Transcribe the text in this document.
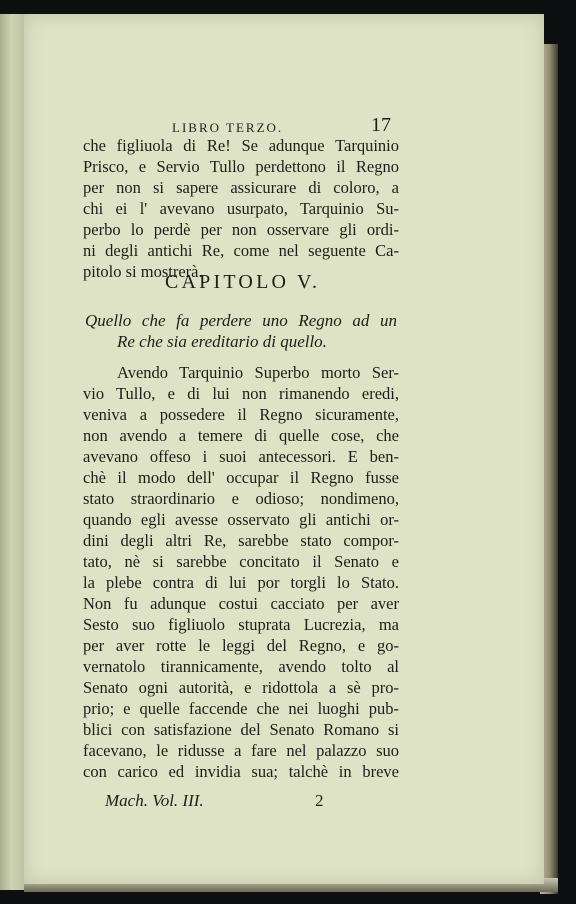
LIBRO TERZO.	17
che figliuola di Re! Se adunque Tarquinio
Prisco, e Servio Tullo perdettono il Regno
per non si sapere assicurare di coloro, a
chi ei l' avevano usurpato, Tarquinio Su-
perbo lo perdè per non osservare gli ordi-
ni degli antichi Re, come nel seguente Ca-
pitolo si mostrerà.
CAPITOLO V.
Quello che fa perdere uno Regno ad un
Re che sia ereditario di quello.
Avendo Tarquinio Superbo morto Ser-
vio Tullo, e di lui non rimanendo eredi,
veniva a possedere il Regno sicuramente,
non avendo a temere di quelle cose, che
avevano offeso i suoi antecessori. E ben-
chè il modo dell' occupar il Regno fusse
stato straordinario e odioso; nondimeno,
quando egli avesse osservato gli antichi or-
dini degli altri Re, sarebbe stato compor-
tato, nè si sarebbe concitato il Senato e
la plebe contra di lui por torgli lo Stato.
Non fu adunque costui cacciato per aver
Sesto suo figliuolo stuprata Lucrezia, ma
per aver rotte le leggi del Regno, e go-
vernatolo tirannicamente, avendo tolto al
Senato ogni autorità, e ridottola a sè pro-
prio; e quelle faccende che nei luoghi pub-
blici con satisfazione del Senato Romano si
facevano, le ridusse a fare nel palazzo suo
con carico ed invidia sua; talchè in breve
Mach. Vol. III.	2
